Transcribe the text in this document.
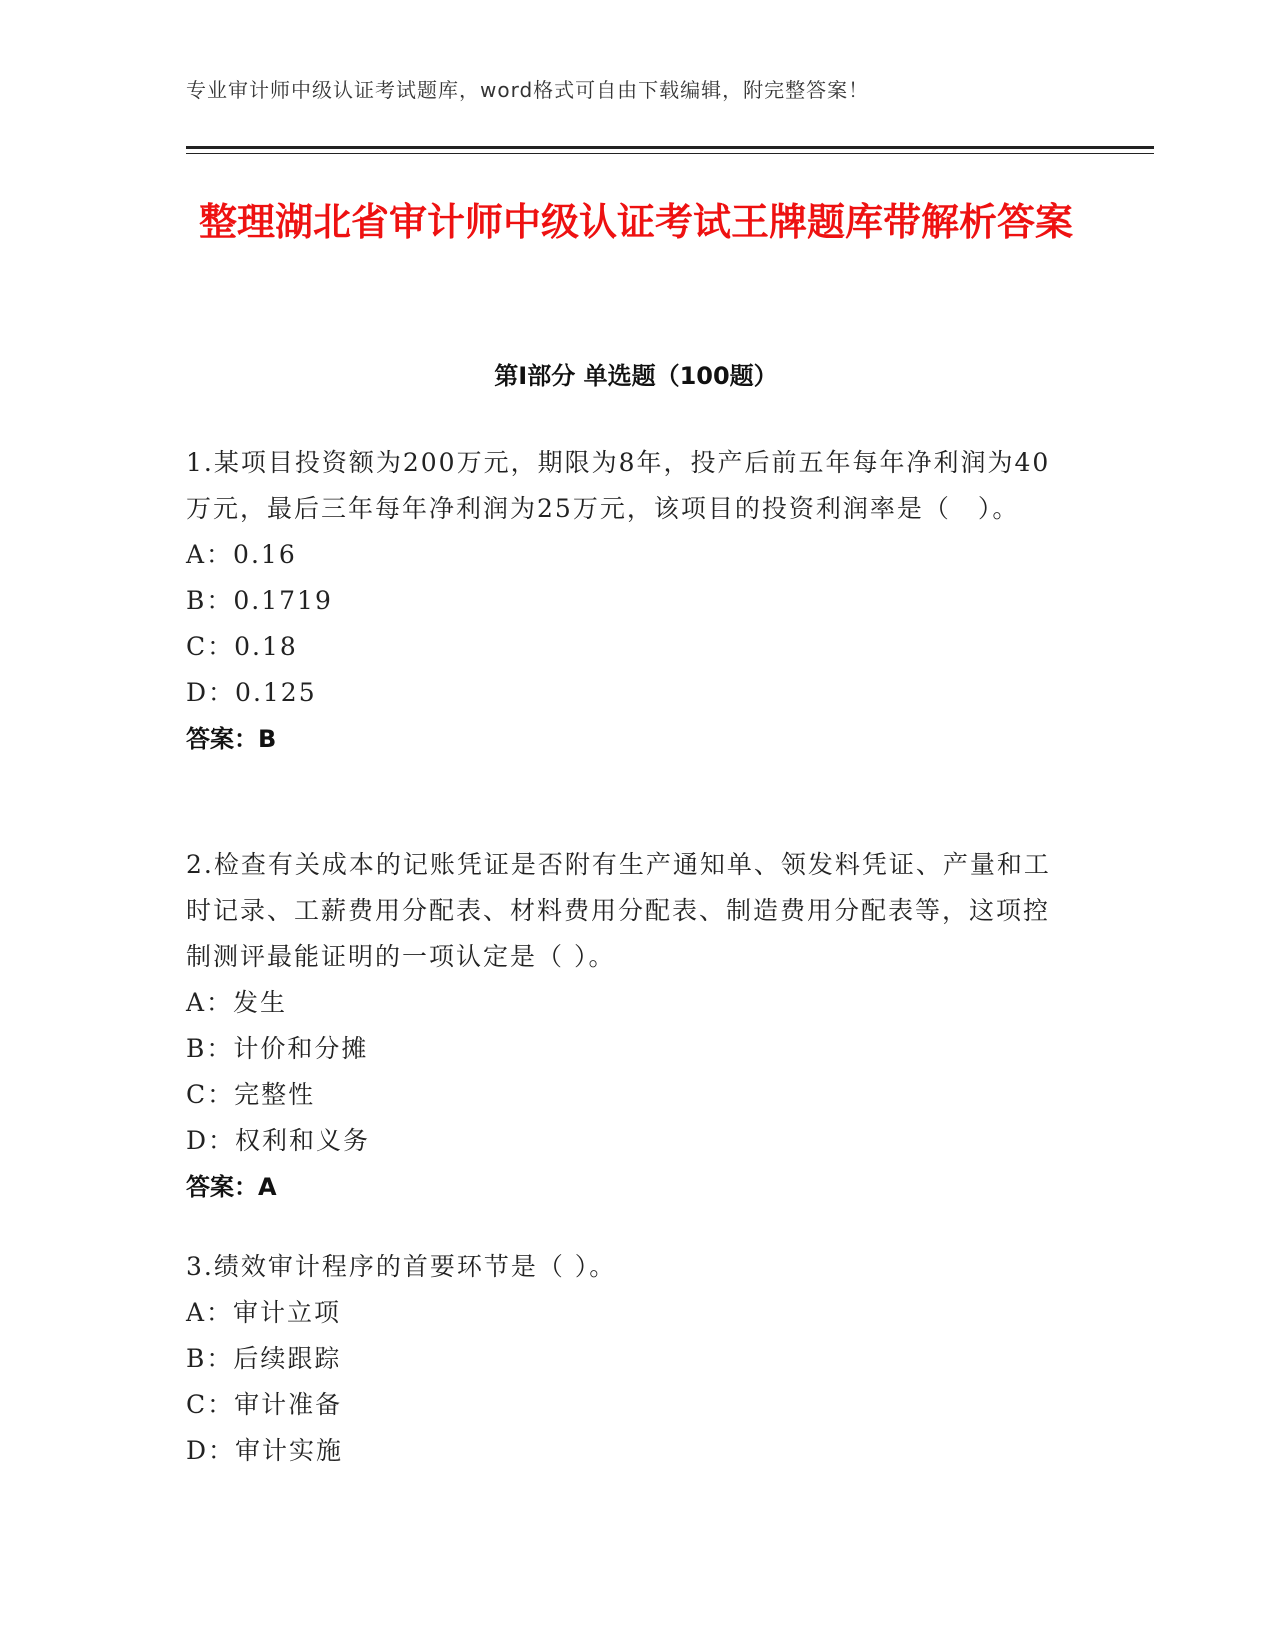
专业审计师中级认证考试题库，word格式可自由下载编辑，附完整答案！
整理湖北省审计师中级认证考试王牌题库带解析答案
第Ⅰ部分 单选题（100题）

1.某项目投资额为200万元，期限为8年，投产后前五年每年净利润为40万元，最后三年每年净利润为25万元，该项目的投资利润率是（　）。

A：0.16

B：0.1719

C：0.18

D：0.125

答案：B

2.检查有关成本的记账凭证是否附有生产通知单、领发料凭证、产量和工时记录、工薪费用分配表、材料费用分配表、制造费用分配表等，这项控制测评最能证明的一项认定是（ ）。

A：发生

B：计价和分摊

C：完整性

D：权利和义务

答案：A

3.绩效审计程序的首要环节是（ ）。

A：审计立项

B：后续跟踪

C：审计准备

D：审计实施
